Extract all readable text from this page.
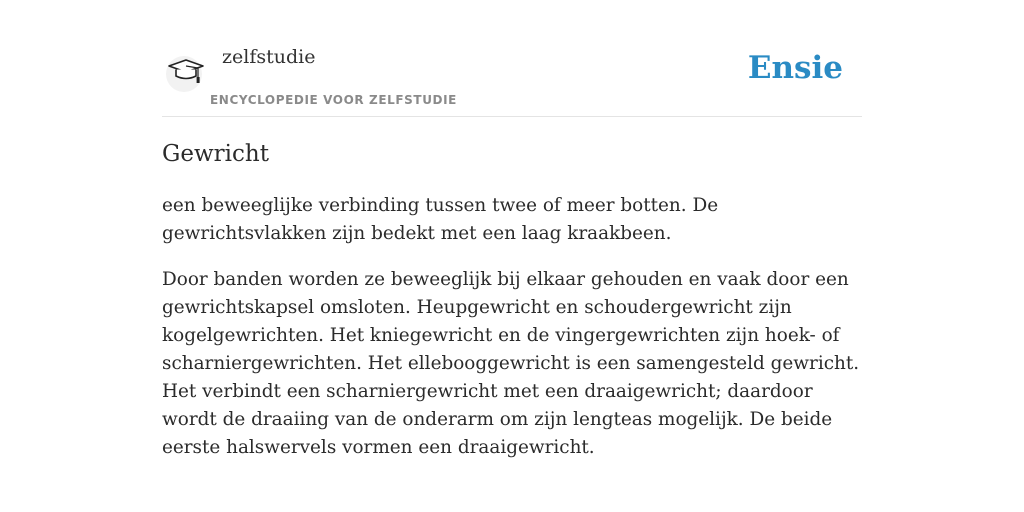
zelfstudie
ENCYCLOPEDIE VOOR ZELFSTUDIE
Ensie
Gewricht

een beweeglijke verbinding tussen twee of meer botten. De gewrichtsvlakken zijn bedekt met een laag kraakbeen.

Door banden worden ze beweeglijk bij elkaar gehouden en vaak door een gewrichtskapsel omsloten. Heupgewricht en schoudergewricht zijn kogelgewrichten. Het kniegewricht en de vingergewrichten zijn hoek- of scharniergewrichten. Het ellebooggewricht is een samengesteld gewricht. Het verbindt een scharniergewricht met een draaigewricht; daardoor wordt de draaiing van de onderarm om zijn lengteas mogelijk. De beide eerste halswervels vormen een draaigewricht.
